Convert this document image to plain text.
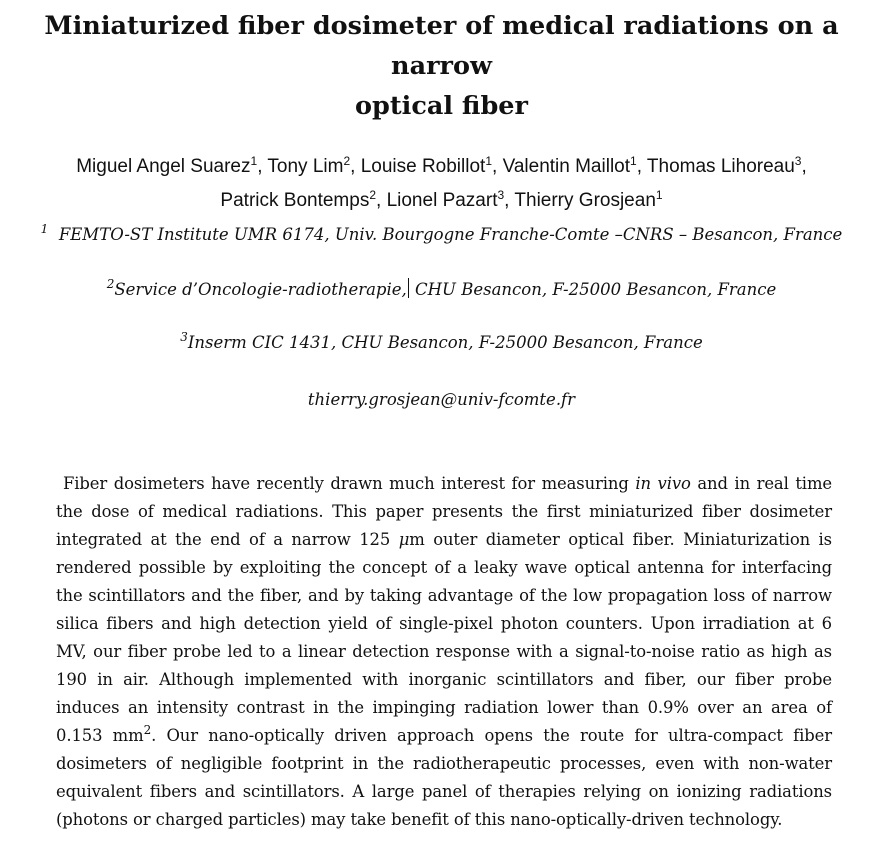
Miniaturized fiber dosimeter of medical radiations on a narrow
optical fiber
Miguel Angel Suarez$^1$, Tony Lim$^2$, Louise Robillot$^1$, Valentin Maillot$^1$, Thomas Lihoreau$^3$,
Patrick Bontemps$^2$, Lionel Pazart$^3$, Thierry Grosjean$^1$
$^1$ FEMTO-ST Institute UMR 6174, Univ. Bourgogne Franche-Comte –CNRS – Besancon, France
$^2$Service d’Oncologie-radiotherapie, CHU Besancon, F-25000 Besancon, France
$^3$Inserm CIC 1431, CHU Besancon, F-25000 Besancon, France
thierry.grosjean@univ-fcomte.fr

Fiber dosimeters have recently drawn much interest for measuring in vivo and in real time the dose of medical radiations. This paper presents the first miniaturized fiber dosimeter integrated at the end of a narrow 125 μm outer diameter optical fiber. Miniaturization is rendered possible by exploiting the concept of a leaky wave optical antenna for interfacing the scintillators and the fiber, and by taking advantage of the low propagation loss of narrow silica fibers and high detection yield of single-pixel photon counters. Upon irradiation at 6 MV, our fiber probe led to a linear detection response with a signal-to-noise ratio as high as 190 in air. Although implemented with inorganic scintillators and fiber, our fiber probe induces an intensity contrast in the impinging radiation lower than 0.9% over an area of 0.153 $mm^2$. Our nano-optically driven approach opens the route for ultra-compact fiber dosimeters of negligible footprint in the radiotherapeutic processes, even with non-water equivalent fibers and scintillators. A large panel of therapies relying on ionizing radiations (photons or charged particles) may take benefit of this nano-optically-driven technology.
